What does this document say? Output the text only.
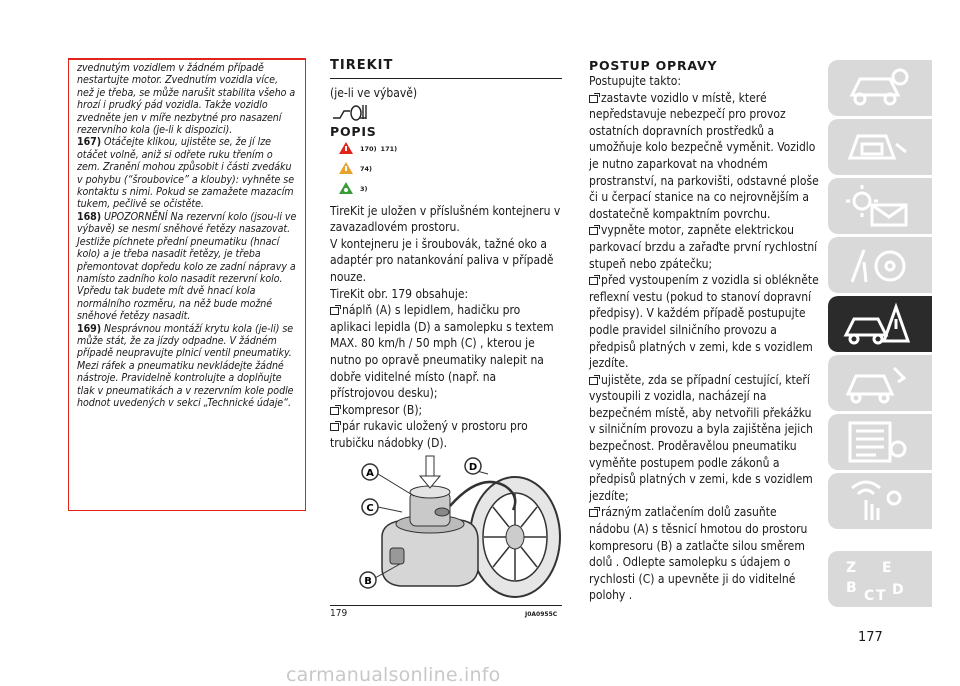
zvednutým vozidlem v žádném případě nestartujte motor. Zvednutím vozidla více, než je třeba, se může narušit stabilita všeho a hrozí i prudký pád vozidla. Takže vozidlo zvedněte jen v míře nezbytné pro nasazení rezervního kola (je-li k dispozici).

167) Otáčejte klikou, ujistěte se, že jí lze otáčet volně, aniž si odřete ruku třením o zem. Zranění mohou způsobit i části zvedáku v pohybu (“šroubovice” a klouby): vyhněte se kontaktu s nimi. Pokud se zamažete mazacím tukem, pečlivě se očistěte.

168) UPOZORNĚNÍ Na rezervní kolo (jsou-li ve výbavě) se nesmí sněhové řetězy nasazovat. Jestliže píchnete přední pneumatiku (hnací kolo) a je třeba nasadit řetězy, je třeba přemontovat dopředu kolo ze zadní nápravy a namísto zadního kolo nasadit rezervní kolo. Vpředu tak budete mít dvě hnací kola normálního rozměru, na něž bude možné sněhové řetězy nasadit.

169) Nesprávnou montáží krytu kola (je-li) se může stát, že za jízdy odpadne. V žádném případě neupravujte plnicí ventil pneumatiky. Mezi ráfek a pneumatiku nevkládejte žádné nástroje. Pravidelně kontrolujte a doplňujte tlak v pneumatikách a v rezervním kole podle hodnot uvedených v sekci „Technické údaje“.

TIREKIT

(je-li ve výbavě)

POPIS
170) 171)
74)
3)

TireKit je uložen v příslušném kontejneru v zavazadlovém prostoru.

V kontejneru je i šroubovák, tažné oko a adaptér pro natankování paliva v případě nouze.

TireKit obr. 179 obsahuje:

náplň (A) s lepidlem, hadičku pro aplikaci lepidla (D) a samolepku s textem MAX. 80 km/h / 50 mph (C) , kterou je nutno po opravě pneumatiky nalepit na dobře viditelné místo (např. na přístrojovou desku);

kompresor (B);

pár rukavic uložený v prostoru pro trubičku nádobky (D).

A
C
B
D
179	J0A0955C
POSTUP OPRAVY

Postupujte takto:

zastavte vozidlo v místě, které nepředstavuje nebezpečí pro provoz ostatních dopravních prostředků a umožňuje kolo bezpečně vyměnit. Vozidlo je nutno zaparkovat na vhodném prostranství, na parkovišti, odstavné ploše či u čerpací stanice na co nejrovnějším a dostatečně kompaktním povrchu.

vypněte motor, zapněte elektrickou parkovací brzdu a zařaďte první rychlostní stupeň nebo zpátečku;

před vystoupením z vozidla si oblékněte reflexní vestu (pokud to stanoví dopravní předpisy). V každém případě postupujte podle pravidel silničního provozu a předpisů platných v zemi, kde s vozidlem jezdíte.

ujistěte, zda se případní cestující, kteří vystoupili z vozidla, nacházejí na bezpečném místě, aby netvořili překážku v silničním provozu a byla zajištěna jejich bezpečnost. Proděravělou pneumatiku vyměňte postupem podle zákonů a předpisů platných v zemi, kde s vozidlem jezdíte;

rázným zatlačením dolů zasuňte nádobu (A) s těsnicí hmotou do prostoru kompresoru (B) a zatlačte silou směrem dolů . Odlepte samolepku s údajem o rychlosti (C) a upevněte ji do viditelné polohy .

Z E
B C T D
177
carmanualsonline.info
